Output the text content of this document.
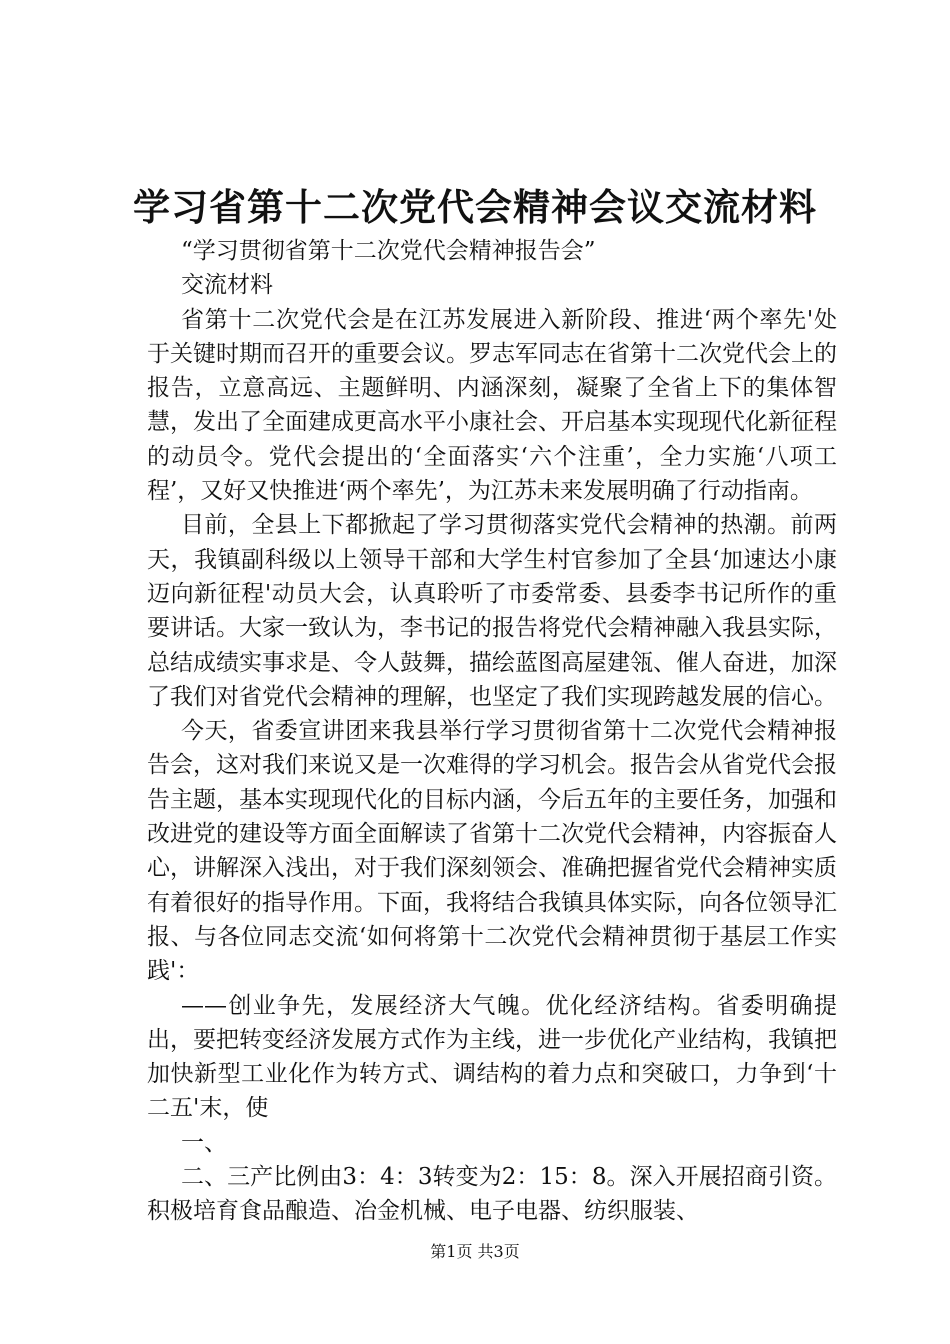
学习省第十二次党代会精神会议交流材料

“学习贯彻省第十二次党代会精神报告会”

交流材料

省第十二次党代会是在江苏发展进入新阶段、推进‘两个率先'处于关键时期而召开的重要会议。罗志军同志在省第十二次党代会上的报告，立意高远、主题鲜明、内涵深刻，凝聚了全省上下的集体智慧，发出了全面建成更高水平小康社会、开启基本实现现代化新征程的动员令。党代会提出的‘全面落实‘六个注重’，全力实施‘八项工程’，又好又快推进‘两个率先’，为江苏未来发展明确了行动指南。

目前，全县上下都掀起了学习贯彻落实党代会精神的热潮。前两天，我镇副科级以上领导干部和大学生村官参加了全县‘加速达小康迈向新征程'动员大会，认真聆听了市委常委、县委李书记所作的重要讲话。大家一致认为，李书记的报告将党代会精神融入我县实际，总结成绩实事求是、令人鼓舞，描绘蓝图高屋建瓴、催人奋进，加深了我们对省党代会精神的理解，也坚定了我们实现跨越发展的信心。

今天，省委宣讲团来我县举行学习贯彻省第十二次党代会精神报告会，这对我们来说又是一次难得的学习机会。报告会从省党代会报告主题，基本实现现代化的目标内涵，今后五年的主要任务，加强和改进党的建设等方面全面解读了省第十二次党代会精神，内容振奋人心，讲解深入浅出，对于我们深刻领会、准确把握省党代会精神实质有着很好的指导作用。下面，我将结合我镇具体实际，向各位领导汇报、与各位同志交流‘如何将第十二次党代会精神贯彻于基层工作实践'：

——创业争先，发展经济大气魄。优化经济结构。省委明确提出，要把转变经济发展方式作为主线，进一步优化产业结构，我镇把加快新型工业化作为转方式、调结构的着力点和突破口，力争到‘十二五'末，使

一、

二、三产比例由3：4：3转变为2：15：8。深入开展招商引资。积极培育食品酿造、冶金机械、电子电器、纺织服装、

第1页 共3页
